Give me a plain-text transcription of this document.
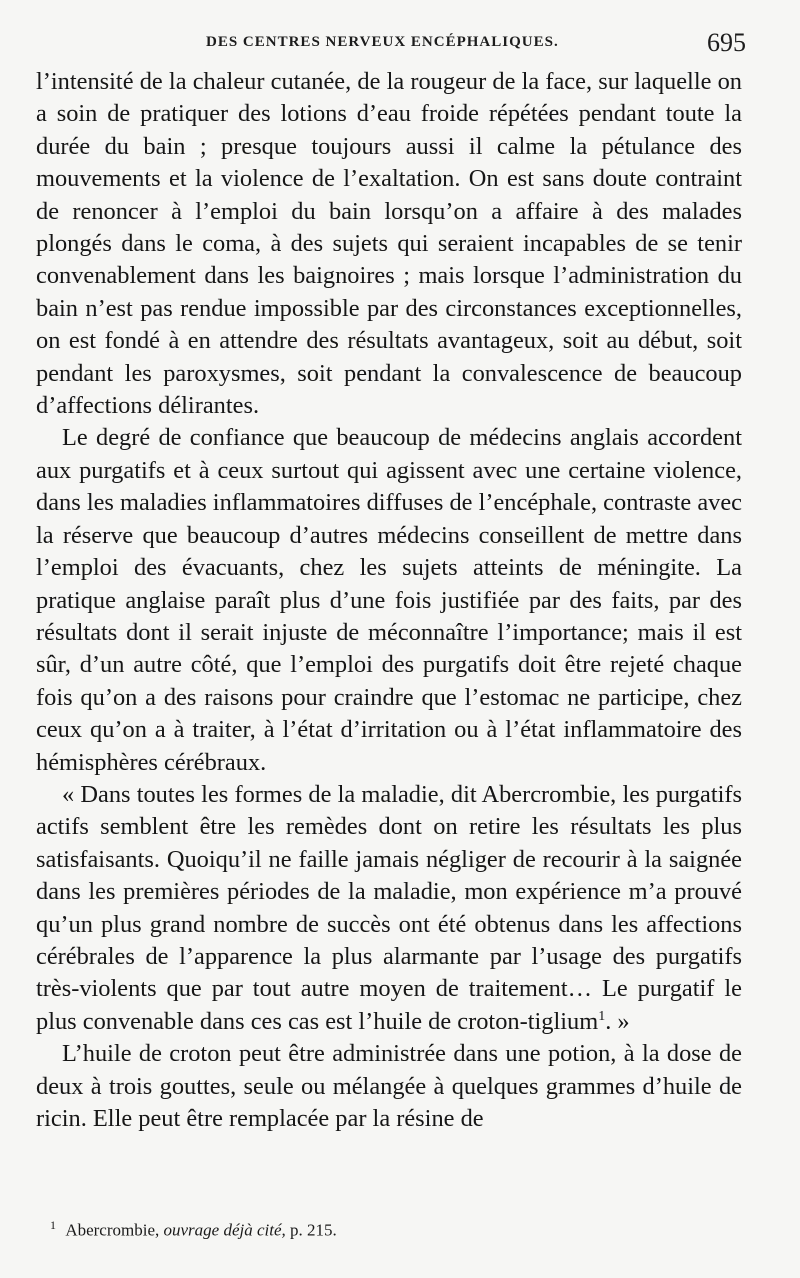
DES CENTRES NERVEUX ENCÉPHALIQUES.	695

l’intensité de la chaleur cutanée, de la rougeur de la face, sur laquelle on a soin de pratiquer des lotions d’eau froide répétées pendant toute la durée du bain ; presque toujours aussi il calme la pétulance des mouvements et la violence de l’exaltation. On est sans doute contraint de renoncer à l’emploi du bain lorsqu’on a affaire à des malades plongés dans le coma, à des sujets qui seraient incapables de se tenir convenablement dans les baignoires ; mais lorsque l’administration du bain n’est pas rendue impossible par des circonstances exceptionnelles, on est fondé à en attendre des résultats avantageux, soit au début, soit pendant les paroxysmes, soit pendant la convalescence de beaucoup d’affections délirantes.

Le degré de confiance que beaucoup de médecins anglais accordent aux purgatifs et à ceux surtout qui agissent avec une certaine violence, dans les maladies inflammatoires diffuses de l’encéphale, contraste avec la réserve que beaucoup d’autres médecins conseillent de mettre dans l’emploi des évacuants, chez les sujets atteints de méningite. La pratique anglaise paraît plus d’une fois justifiée par des faits, par des résultats dont il serait injuste de méconnaître l’importance; mais il est sûr, d’un autre côté, que l’emploi des purgatifs doit être rejeté chaque fois qu’on a des raisons pour craindre que l’estomac ne participe, chez ceux qu’on a à traiter, à l’état d’irritation ou à l’état inflammatoire des hémisphères cérébraux.

« Dans toutes les formes de la maladie, dit Abercrombie, les purgatifs actifs semblent être les remèdes dont on retire les résultats les plus satisfaisants. Quoiqu’il ne faille jamais négliger de recourir à la saignée dans les premières périodes de la maladie, mon expérience m’a prouvé qu’un plus grand nombre de succès ont été obtenus dans les affections cérébrales de l’apparence la plus alarmante par l’usage des purgatifs très-violents que par tout autre moyen de traitement… Le purgatif le plus convenable dans ces cas est l’huile de croton-tiglium$^1$. »

L’huile de croton peut être administrée dans une potion, à la dose de deux à trois gouttes, seule ou mélangée à quelques grammes d’huile de ricin. Elle peut être remplacée par la résine de

$^1$ Abercrombie, ouvrage déjà cité, p. 215.
